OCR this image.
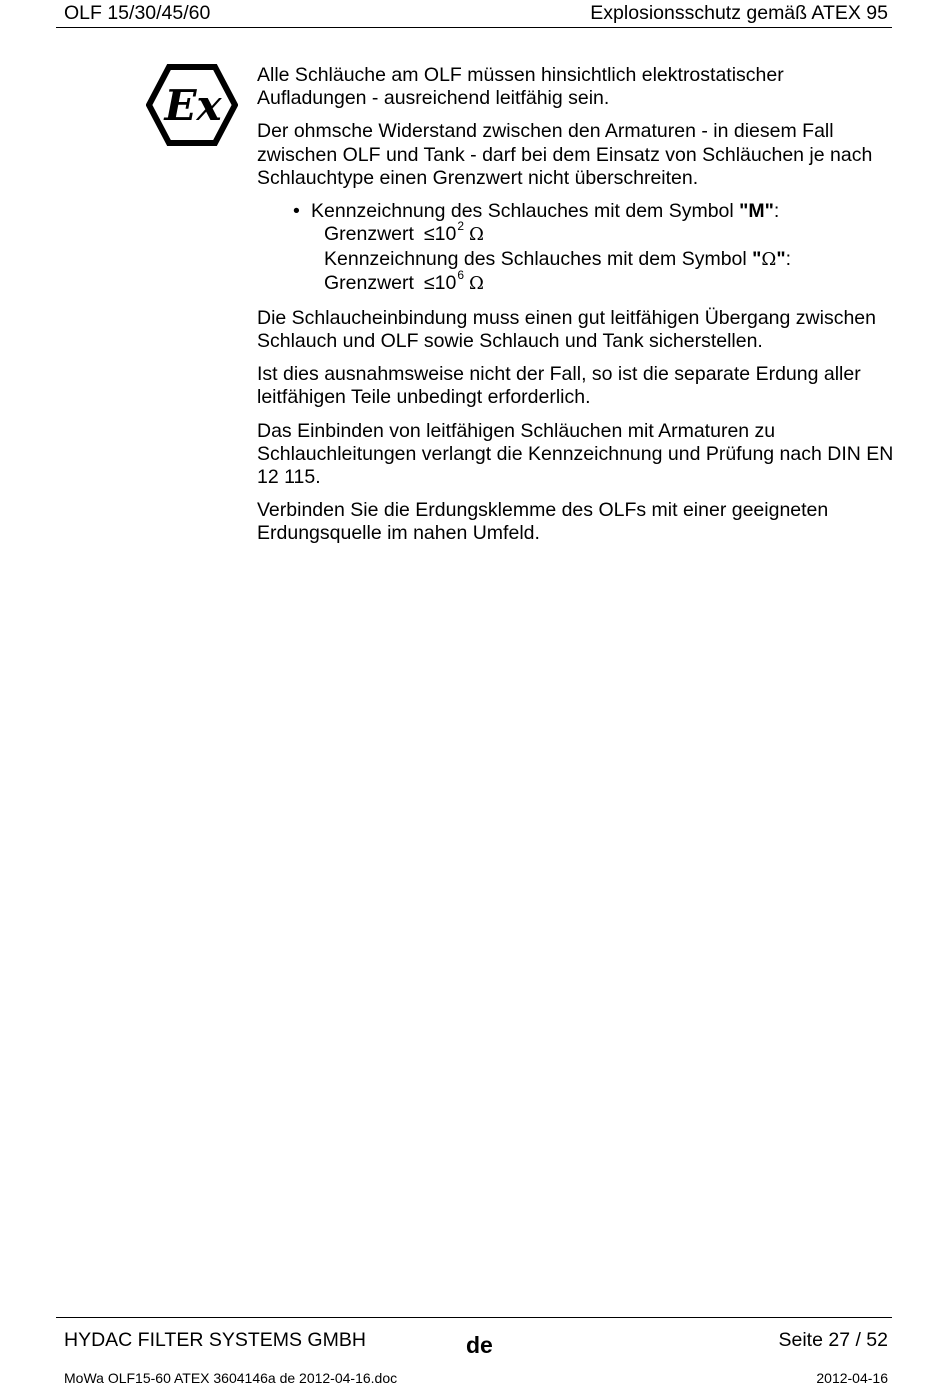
OLF 15/30/45/60	Explosionsschutz gemäß ATEX 95
Ex

Alle Schläuche am OLF müssen hinsichtlich elektrostatischer Aufladungen - ausreichend leitfähig sein.

Der ohmsche Widerstand zwischen den Armaturen - in diesem Fall zwischen OLF und Tank - darf bei dem Einsatz von Schläuchen je nach Schlauchtype einen Grenzwert nicht überschreiten.

• Kennzeichnung des Schlauches mit dem Symbol "M":
Grenzwert $\le 10^2$ Ω
Kennzeichnung des Schlauches mit dem Symbol "Ω":
Grenzwert $\le 10^6$ Ω

Die Schlaucheinbindung muss einen gut leitfähigen Übergang zwischen Schlauch und OLF sowie Schlauch und Tank sicherstellen.

Ist dies ausnahmsweise nicht der Fall, so ist die separate Erdung aller leitfähigen Teile unbedingt erforderlich.

Das Einbinden von leitfähigen Schläuchen mit Armaturen zu Schlauchleitungen verlangt die Kennzeichnung und Prüfung nach DIN EN 12 115.

Verbinden Sie die Erdungsklemme des OLFs mit einer geeigneten Erdungsquelle im nahen Umfeld.

HYDAC FILTER SYSTEMS GMBH	de	Seite 27 / 52
MoWa OLF15-60 ATEX 3604146a de 2012-04-16.doc	2012-04-16
